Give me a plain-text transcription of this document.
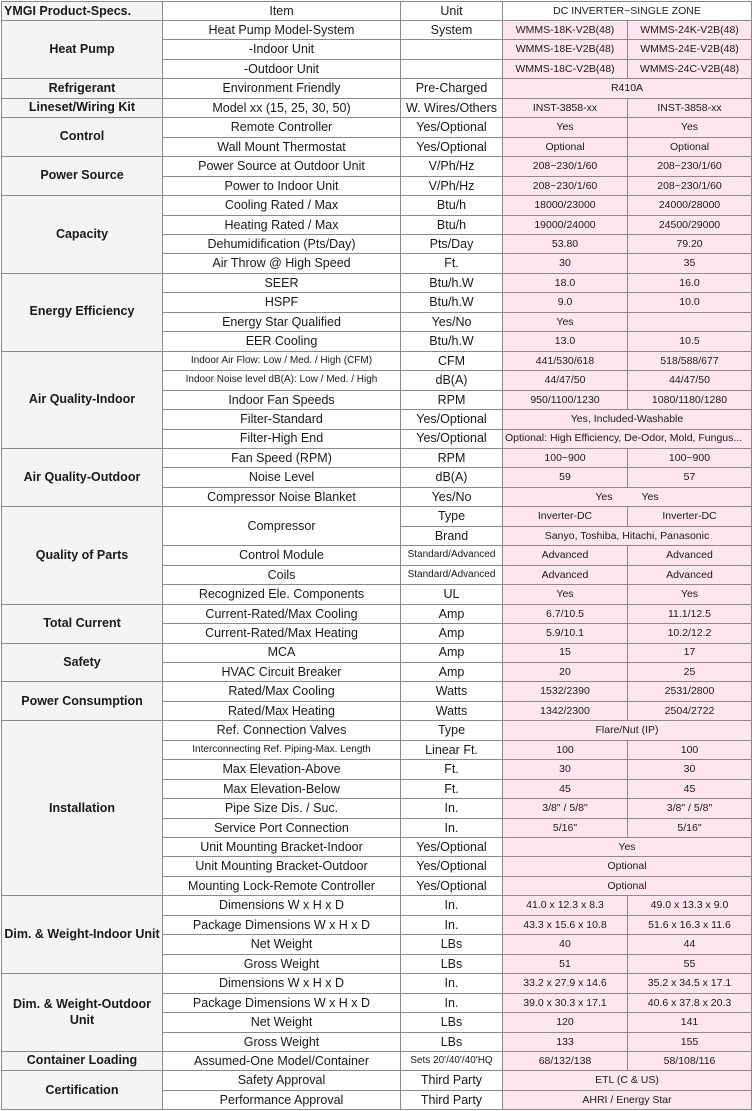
YMGI Product-Specs.	Item	Unit	DC INVERTER~SINGLE ZONE	
Heat Pump	Heat Pump Model-System	System	WMMS-18K-V2B(48)	WMMS-24K-V2B(48)
	-Indoor Unit		WMMS-18E-V2B(48)	WMMS-24E-V2B(48)
	-Outdoor Unit		WMMS-18C-V2B(48)	WMMS-24C-V2B(48)
Refrigerant	Environment Friendly	Pre-Charged	R410A	
Lineset/Wiring Kit	Model xx (15, 25, 30, 50)	W. Wires/Others	INST-3858-xx	INST-3858-xx
Control	Remote Controller	Yes/Optional	Yes	Yes
	Wall Mount Thermostat	Yes/Optional	Optional	Optional
Power Source	Power Source at Outdoor Unit	V/Ph/Hz	208~230/1/60	208~230/1/60
	Power to Indoor Unit	V/Ph/Hz	208~230/1/60	208~230/1/60
Capacity	Cooling Rated / Max	Btu/h	18000/23000	24000/28000
	Heating Rated / Max	Btu/h	19000/24000	24500/29000
	Dehumidification (Pts/Day)	Pts/Day	53.80	79.20
	Air Throw @ High Speed	Ft.	30	35
Energy Efficiency	SEER	Btu/h.W	18.0	16.0
	HSPF	Btu/h.W	9.0	10.0
	Energy Star Qualified	Yes/No	Yes	
	EER Cooling	Btu/h.W	13.0	10.5
Air Quality-Indoor	Indoor Air Flow: Low / Med. / High (CFM)	CFM	441/530/618	518/588/677
	Indoor Noise level dB(A): Low / Med. / High	dB(A)	44/47/50	44/47/50
	Indoor Fan Speeds	RPM	950/1100/1230	1080/1180/1280
	Filter-Standard	Yes/Optional	Yes, Included-Washable	
	Filter-High End	Yes/Optional	Optional: High Efficiency, De-Odor, Mold, Fungus...	
Air Quality-Outdoor	Fan Speed (RPM)	RPM	100~900	100~900
	Noise Level	dB(A)	59	57
	Compressor Noise Blanket	Yes/No	Yes          Yes	
Quality of Parts	Compressor	Type	Inverter-DC	Inverter-DC
		Brand	Sanyo, Toshiba, Hitachi, Panasonic	
	Control Module	Standard/Advanced	Advanced	Advanced
	Coils	Standard/Advanced	Advanced	Advanced
	Recognized Ele. Components	UL	Yes	Yes
Total Current	Current-Rated/Max Cooling	Amp	6.7/10.5	11.1/12.5
	Current-Rated/Max Heating	Amp	5.9/10.1	10.2/12.2
Safety	MCA	Amp	15	17
	HVAC Circuit Breaker	Amp	20	25
Power Consumption	Rated/Max Cooling	Watts	1532/2390	2531/2800
	Rated/Max Heating	Watts	1342/2300	2504/2722
Installation	Ref. Connection Valves	Type	Flare/Nut (IP)	
	Interconnecting Ref. Piping-Max. Length	Linear Ft.	100	100
	Max Elevation-Above	Ft.	30	30
	Max Elevation-Below	Ft.	45	45
	Pipe Size Dis. / Suc.	In.	3/8" / 5/8"	3/8" / 5/8"
	Service Port Connection	In.	5/16"	5/16"
	Unit Mounting Bracket-Indoor	Yes/Optional	Yes	
	Unit Mounting Bracket-Outdoor	Yes/Optional	Optional	
	Mounting Lock-Remote Controller	Yes/Optional	Optional	
Dim. & Weight-Indoor Unit	Dimensions W x H x D	In.	41.0 x 12.3 x 8.3	49.0 x 13.3 x 9.0
	Package Dimensions W x H x D	In.	43.3 x 15.6 x 10.8	51.6 x 16.3 x 11.6
	Net Weight	LBs	40	44
	Gross Weight	LBs	51	55
Dim. & Weight-Outdoor Unit	Dimensions W x H x D	In.	33.2 x 27.9 x 14.6	35.2 x 34.5 x 17.1
	Package Dimensions W x H x D	In.	39.0 x 30.3 x 17.1	40.6 x 37.8 x 20.3
	Net Weight	LBs	120	141
	Gross Weight	LBs	133	155
Container Loading	Assumed-One Model/Container	Sets 20'/40'/40'HQ	68/132/138	58/108/116
Certification	Safety Approval	Third Party	ETL (C & US)	
	Performance Approval	Third Party	AHRI / Energy Star	
